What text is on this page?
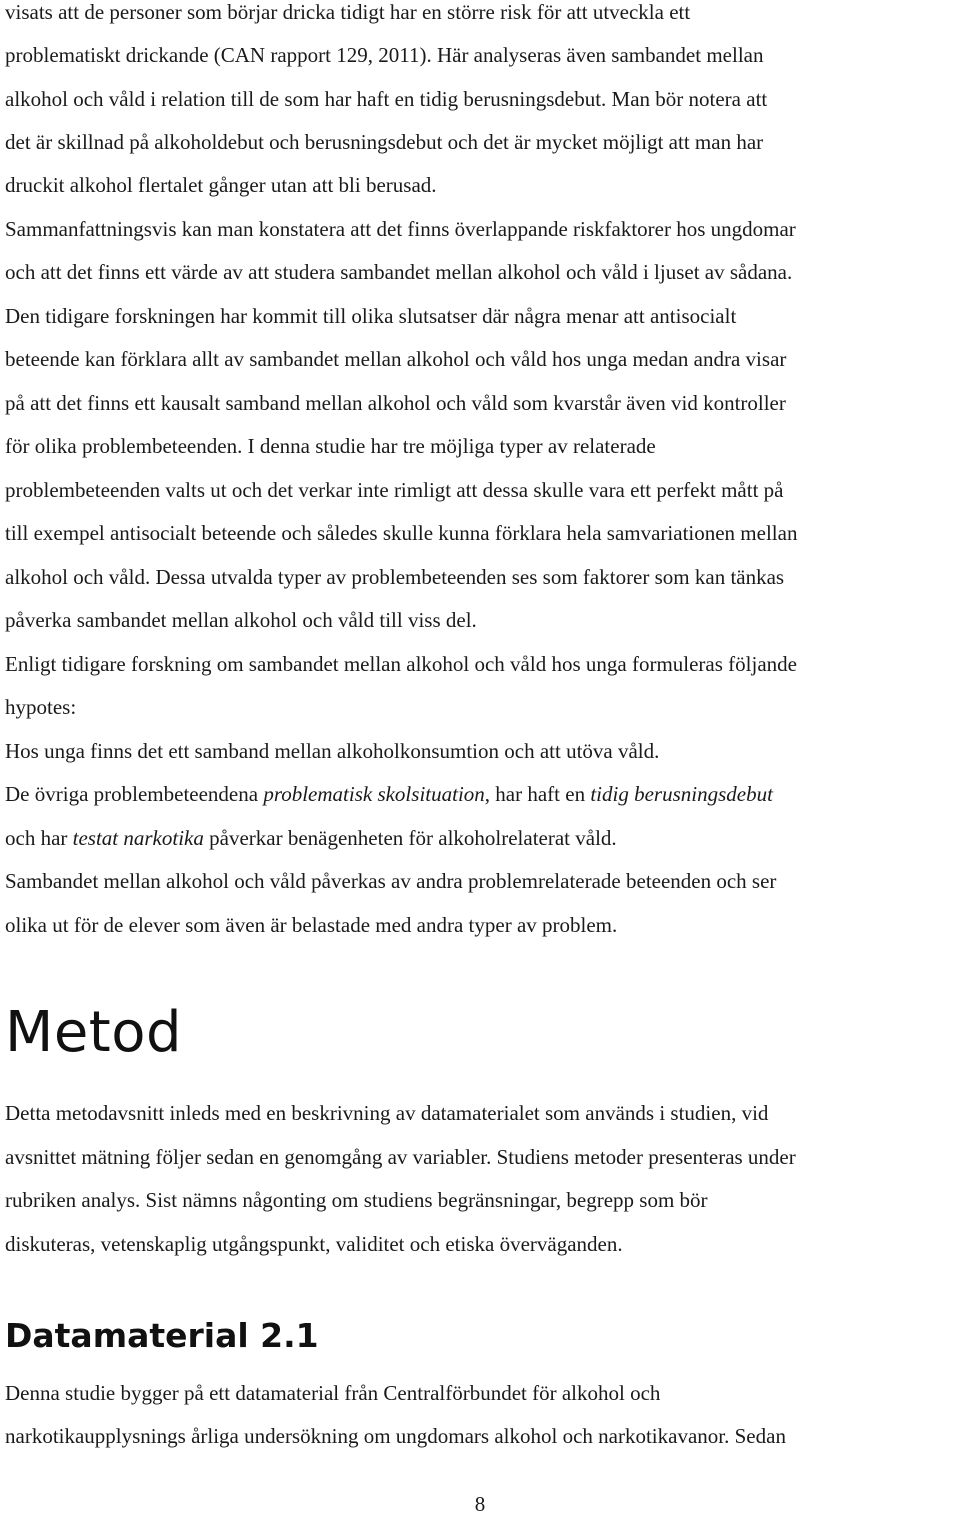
visats att de personer som börjar dricka tidigt har en större risk för att utveckla ett
problematiskt drickande (CAN rapport 129, 2011). Här analyseras även sambandet mellan
alkohol och våld i relation till de som har haft en tidig berusningsdebut. Man bör notera att
det är skillnad på alkoholdebut och berusningsdebut och det är mycket möjligt att man har
druckit alkohol flertalet gånger utan att bli berusad.
Sammanfattningsvis kan man konstatera att det finns överlappande riskfaktorer hos ungdomar
och att det finns ett värde av att studera sambandet mellan alkohol och våld i ljuset av sådana.
Den tidigare forskningen har kommit till olika slutsatser där några menar att antisocialt
beteende kan förklara allt av sambandet mellan alkohol och våld hos unga medan andra visar
på att det finns ett kausalt samband mellan alkohol och våld som kvarstår även vid kontroller
för olika problembeteenden. I denna studie har tre möjliga typer av relaterade
problembeteenden valts ut och det verkar inte rimligt att dessa skulle vara ett perfekt mått på
till exempel antisocialt beteende och således skulle kunna förklara hela samvariationen mellan
alkohol och våld. Dessa utvalda typer av problembeteenden ses som faktorer som kan tänkas
påverka sambandet mellan alkohol och våld till viss del.
Enligt tidigare forskning om sambandet mellan alkohol och våld hos unga formuleras följande
hypotes:
Hos unga finns det ett samband mellan alkoholkonsumtion och att utöva våld.
De övriga problembeteendena problematisk skolsituation, har haft en tidig berusningsdebut
och har testat narkotika påverkar benägenheten för alkoholrelaterat våld.
Sambandet mellan alkohol och våld påverkas av andra problemrelaterade beteenden och ser
olika ut för de elever som även är belastade med andra typer av problem.
Metod
Detta metodavsnitt inleds med en beskrivning av datamaterialet som används i studien, vid
avsnittet mätning följer sedan en genomgång av variabler. Studiens metoder presenteras under
rubriken analys. Sist nämns någonting om studiens begränsningar, begrepp som bör
diskuteras, vetenskaplig utgångspunkt, validitet och etiska överväganden.
Datamaterial 2.1
Denna studie bygger på ett datamaterial från Centralförbundet för alkohol och
narkotikaupplysnings årliga undersökning om ungdomars alkohol och narkotikavanor. Sedan
8
